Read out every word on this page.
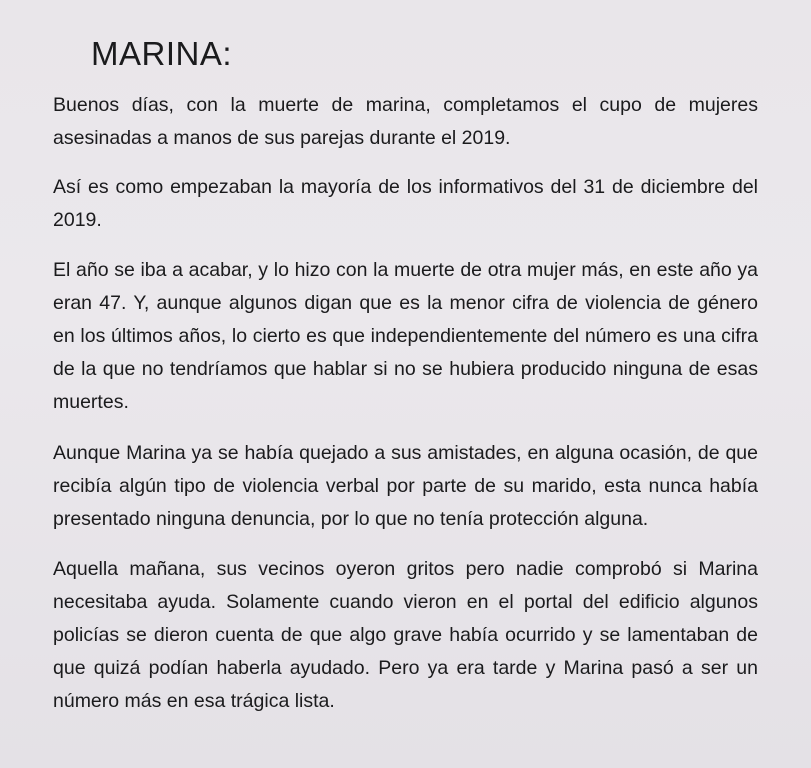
MARINA:

Buenos días, con la muerte de marina, completamos el cupo de mujeres asesinadas a manos de sus parejas durante el 2019.

Así es como empezaban la mayoría de los informativos del 31 de diciembre del 2019.

El año se iba a acabar, y lo hizo con la muerte de otra mujer más, en este año ya eran 47. Y, aunque algunos digan que es la menor cifra de violencia de género en los últimos años, lo cierto es que independientemente del número es una cifra de la que no tendríamos que hablar si no se hubiera producido ninguna de esas muertes.

Aunque Marina ya se había quejado a sus amistades, en alguna ocasión, de que recibía algún tipo de violencia verbal por parte de su marido, esta nunca había presentado ninguna denuncia, por lo que no tenía protección alguna.

Aquella mañana, sus vecinos oyeron gritos pero nadie comprobó si Marina necesitaba ayuda. Solamente cuando vieron en el portal del edificio algunos policías se dieron cuenta de que algo grave había ocurrido y se lamentaban de que quizá podían haberla ayudado. Pero ya era tarde y Marina pasó a ser un número más en esa trágica lista.
